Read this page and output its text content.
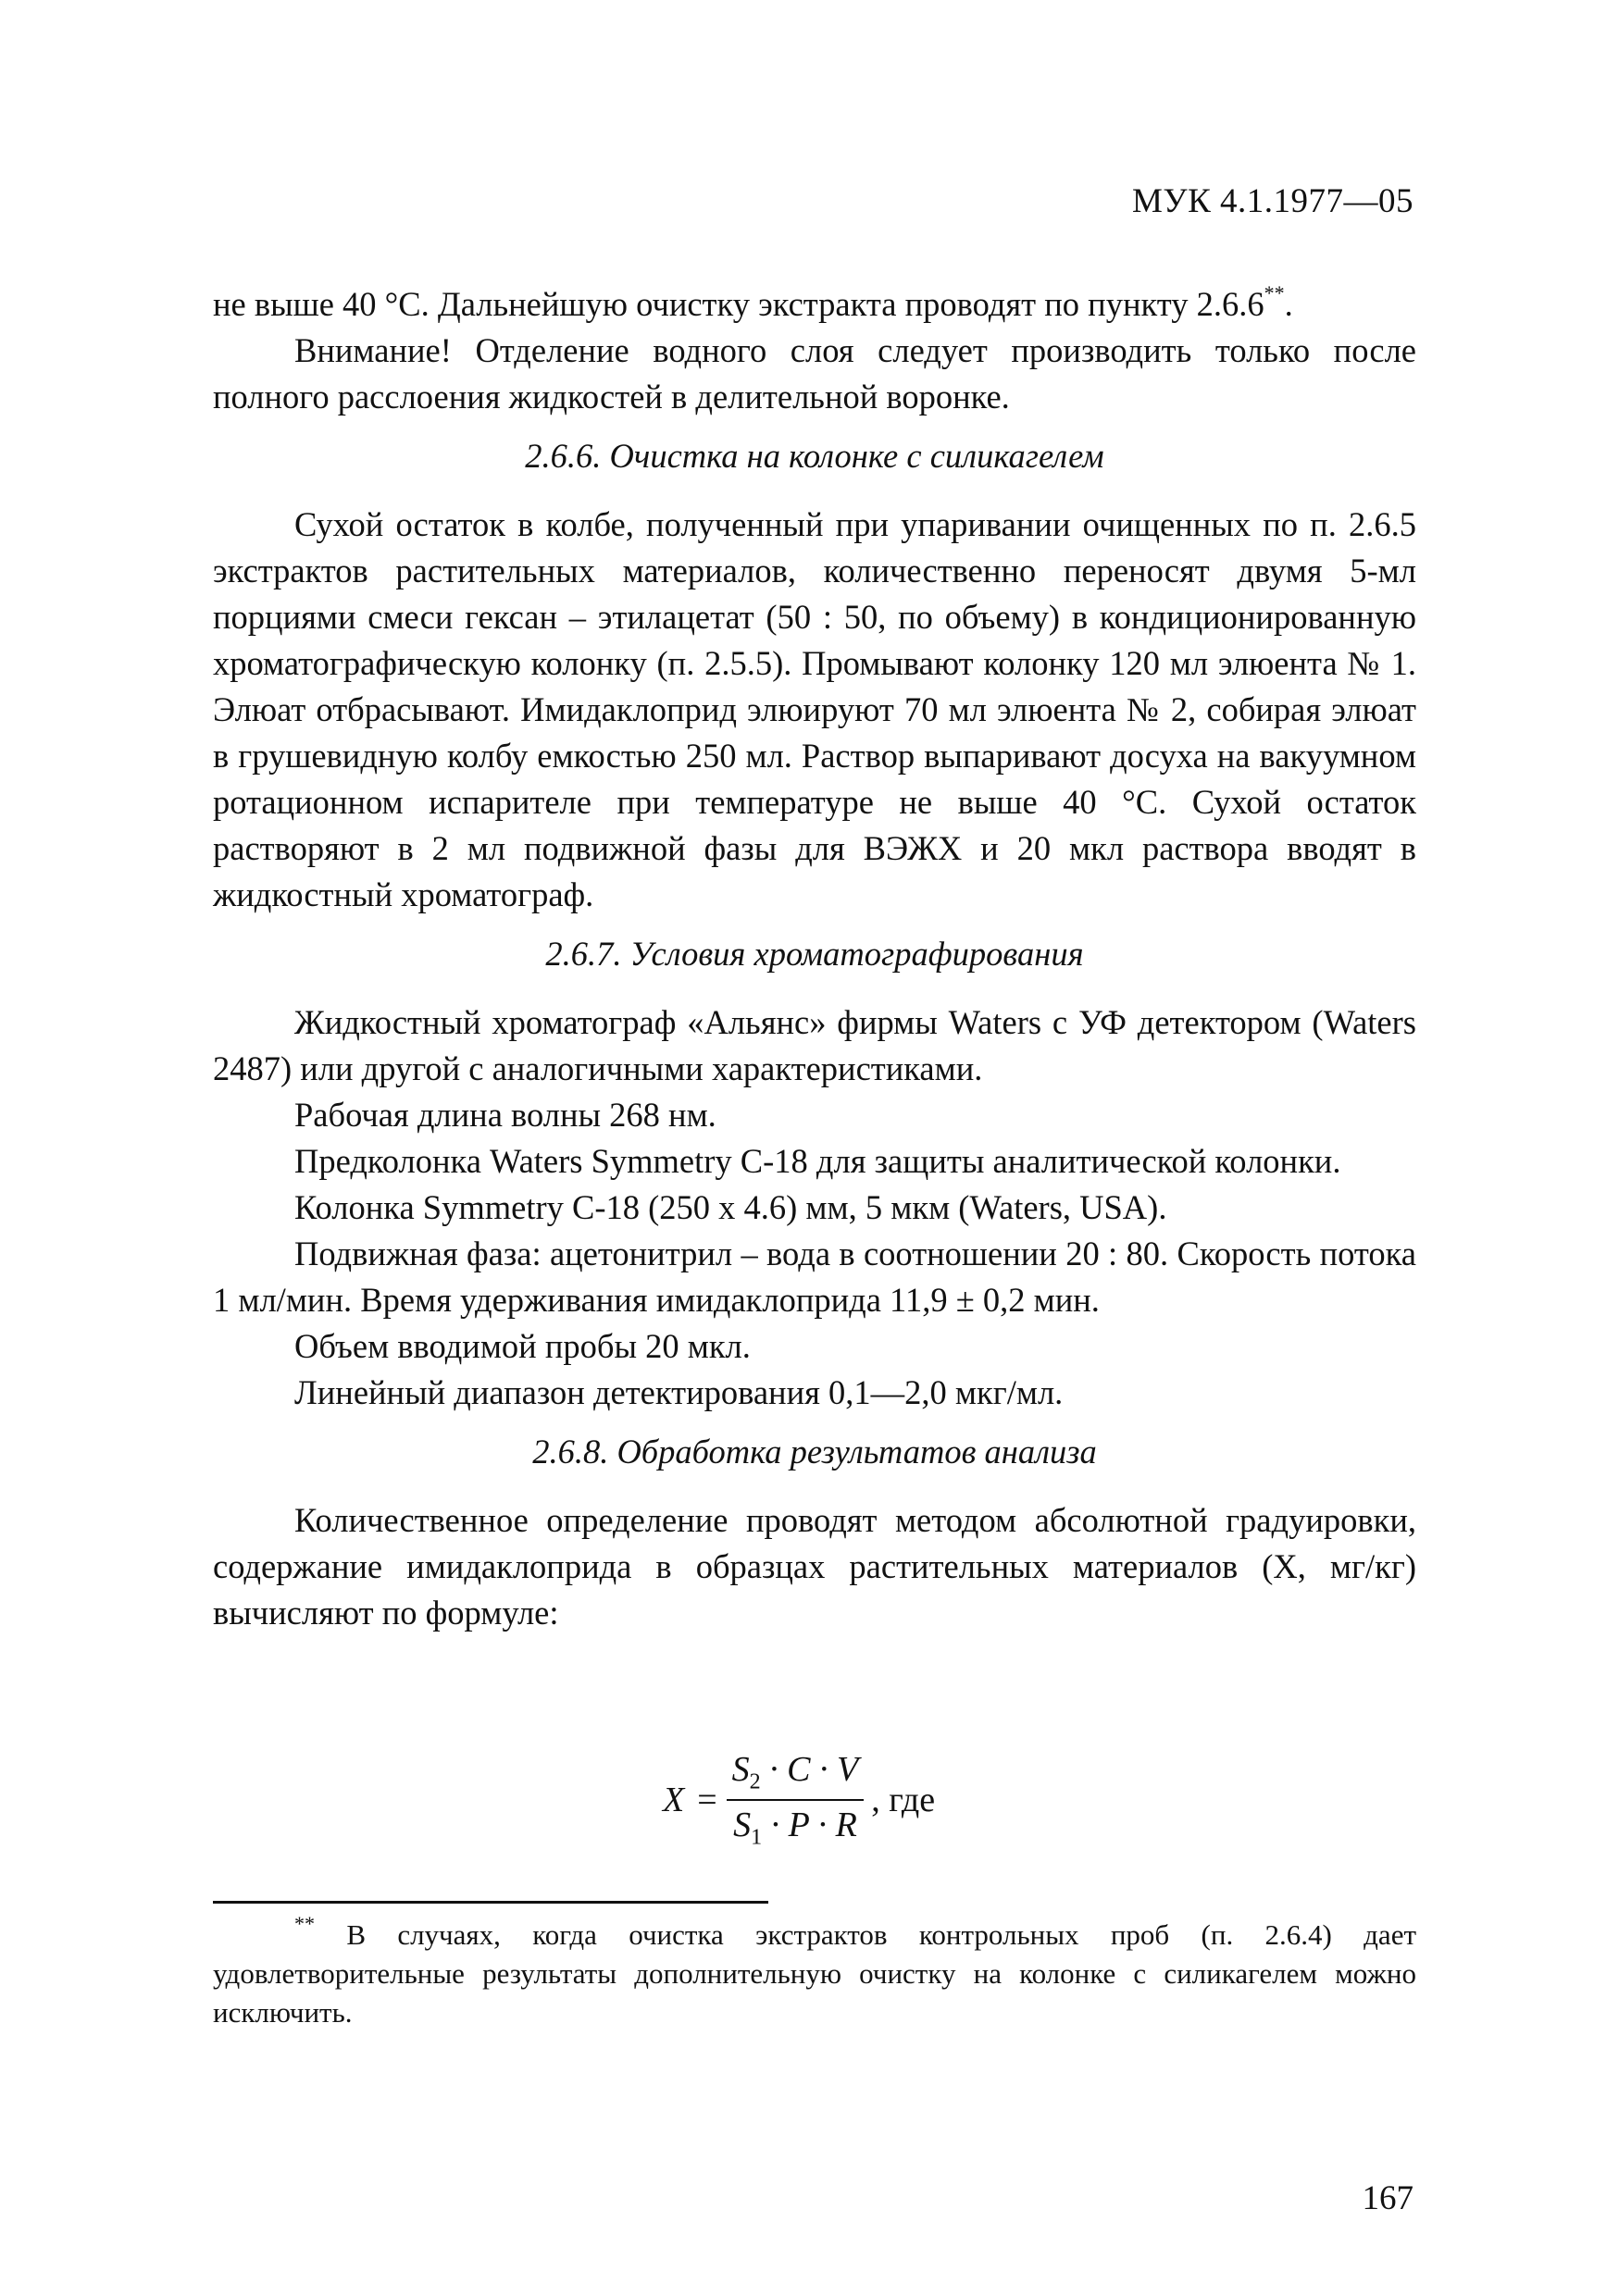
МУК 4.1.1977—05

не выше 40 °С. Дальнейшую очистку экстракта проводят по пункту 2.6.6**.

Внимание! Отделение водного слоя следует производить только после полного расслоения жидкостей в делительной воронке.

2.6.6. Очистка на колонке с силикагелем

Сухой остаток в колбе, полученный при упаривании очищенных по п. 2.6.5 экстрактов растительных материалов, количественно переносят двумя 5-мл порциями смеси гексан – этилацетат (50 : 50, по объему) в кондиционированную хроматографическую колонку (п. 2.5.5). Промывают колонку 120 мл элюента № 1. Элюат отбрасывают. Имидаклоприд элюируют 70 мл элюента № 2, собирая элюат в грушевидную колбу емкостью 250 мл. Раствор выпаривают досуха на вакуумном ротационном испарителе при температуре не выше 40 °С. Сухой остаток растворяют в 2 мл подвижной фазы для ВЭЖХ и 20 мкл раствора вводят в жидкостный хроматограф.

2.6.7. Условия хроматографирования

Жидкостный хроматограф «Альянс» фирмы Waters с УФ детектором (Waters 2487) или другой с аналогичными характеристиками.

Рабочая длина волны 268 нм.

Предколонка Waters Symmetry C-18 для защиты аналитической колонки.

Колонка Symmetry C-18 (250 x 4.6) мм, 5 мкм (Waters, USA).

Подвижная фаза: ацетонитрил – вода в соотношении 20 : 80. Скорость потока 1 мл/мин. Время удерживания имидаклоприда 11,9 ± 0,2 мин.

Объем вводимой пробы 20 мкл.

Линейный диапазон детектирования 0,1—2,0 мкг/мл.

2.6.8. Обработка результатов анализа

Количественное определение проводят методом абсолютной градуировки, содержание имидаклоприда в образцах растительных материалов (X, мг/кг) вычисляют по формуле:

$X = \frac{S_2 \cdot C \cdot V}{S_1 \cdot P \cdot R}$ , где

** В случаях, когда очистка экстрактов контрольных проб (п. 2.6.4) дает удовлетворительные результаты дополнительную очистку на колонке с силикагелем можно исключить.

167
